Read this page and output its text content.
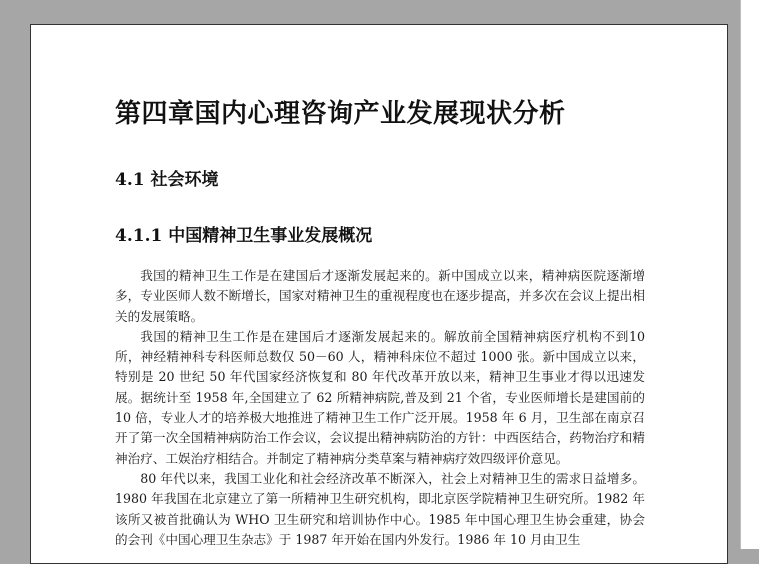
第四章国内心理咨询产业发展现状分析
4.1 社会环境
4.1.1 中国精神卫生事业发展概况

我国的精神卫生工作是在建国后才逐渐发展起来的。新中国成立以来，精神病医院逐渐增多，专业医师人数不断增长，国家对精神卫生的重视程度也在逐步提高，并多次在会议上提出相关的发展策略。

我国的精神卫生工作是在建国后才逐渐发展起来的。解放前全国精神病医疗机构不到10所，神经精神科专科医师总数仅 50－60 人，精神科床位不超过 1000 张。新中国成立以来，特别是 20 世纪 50 年代国家经济恢复和 80 年代改革开放以来，精神卫生事业才得以迅速发展。据统计至 1958 年,全国建立了 62 所精神病院,普及到 21 个省，专业医师增长是建国前的 10 倍，专业人才的培养极大地推进了精神卫生工作广泛开展。1958 年 6 月，卫生部在南京召开了第一次全国精神病防治工作会议，会议提出精神病防治的方针：中西医结合，药物治疗和精神治疗、工娱治疗相结合。并制定了精神病分类草案与精神病疗效四级评价意见。

80 年代以来，我国工业化和社会经济改革不断深入，社会上对精神卫生的需求日益增多。1980 年我国在北京建立了第一所精神卫生研究机构，即北京医学院精神卫生研究所。1982 年该所又被首批确认为 WHO 卫生研究和培训协作中心。1985 年中国心理卫生协会重建，协会的会刊《中国心理卫生杂志》于 1987 年开始在国内外发行。1986 年 10 月由卫生
